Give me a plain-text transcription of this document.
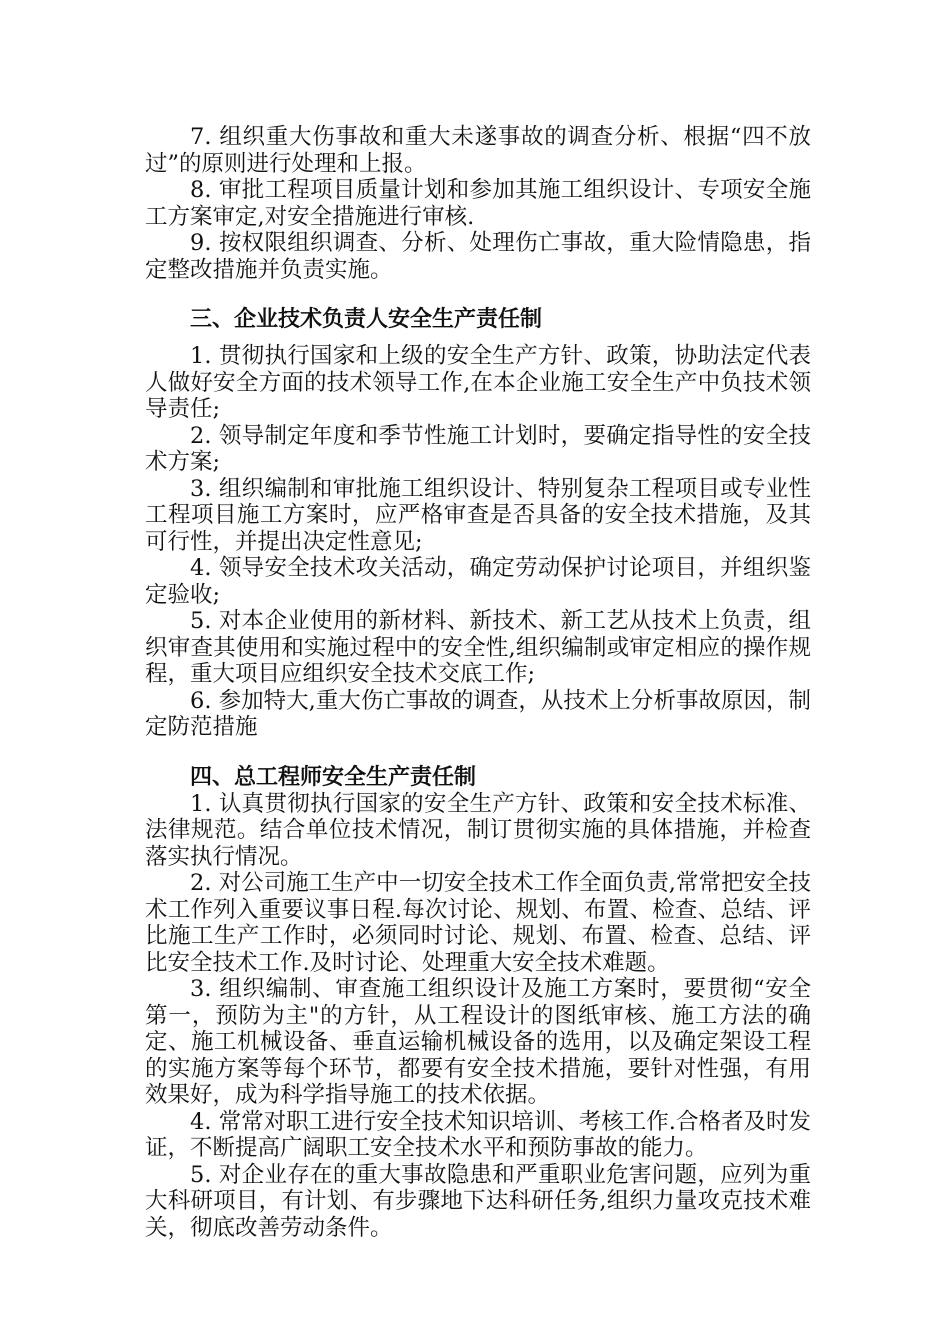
7. 组织重大伤事故和重大未遂事故的调查分析、根据“四不放过”的原则进行处理和上报。

8. 审批工程项目质量计划和参加其施工组织设计、专项安全施工方案审定,对安全措施进行审核.

9. 按权限组织调查、分析、处理伤亡事故，重大险情隐患，指定整改措施并负责实施。

三、企业技术负责人安全生产责任制

1. 贯彻执行国家和上级的安全生产方针、政策，协助法定代表人做好安全方面的技术领导工作,在本企业施工安全生产中负技术领导责任;

2. 领导制定年度和季节性施工计划时，要确定指导性的安全技术方案;

3. 组织编制和审批施工组织设计、特别复杂工程项目或专业性工程项目施工方案时，应严格审查是否具备的安全技术措施，及其可行性，并提出决定性意见;

4. 领导安全技术攻关活动，确定劳动保护讨论项目，并组织鉴定验收;

5. 对本企业使用的新材料、新技术、新工艺从技术上负责，组织审查其使用和实施过程中的安全性,组织编制或审定相应的操作规程，重大项目应组织安全技术交底工作;

6. 参加特大,重大伤亡事故的调查，从技术上分析事故原因，制定防范措施

四、总工程师安全生产责任制

1. 认真贯彻执行国家的安全生产方针、政策和安全技术标准、法律规范。结合单位技术情况，制订贯彻实施的具体措施，并检查落实执行情况。

2. 对公司施工生产中一切安全技术工作全面负责,常常把安全技术工作列入重要议事日程.每次讨论、规划、布置、检查、总结、评比施工生产工作时，必须同时讨论、规划、布置、检查、总结、评比安全技术工作.及时讨论、处理重大安全技术难题。

3. 组织编制、审查施工组织设计及施工方案时，要贯彻“安全第一，预防为主"的方针，从工程设计的图纸审核、施工方法的确定、施工机械设备、垂直运输机械设备的选用，以及确定架设工程的实施方案等每个环节，都要有安全技术措施，要针对性强，有用效果好，成为科学指导施工的技术依据。

4. 常常对职工进行安全技术知识培训、考核工作.合格者及时发证，不断提高广阔职工安全技术水平和预防事故的能力。

5. 对企业存在的重大事故隐患和严重职业危害问题，应列为重大科研项目，有计划、有步骤地下达科研任务,组织力量攻克技术难关，彻底改善劳动条件。
